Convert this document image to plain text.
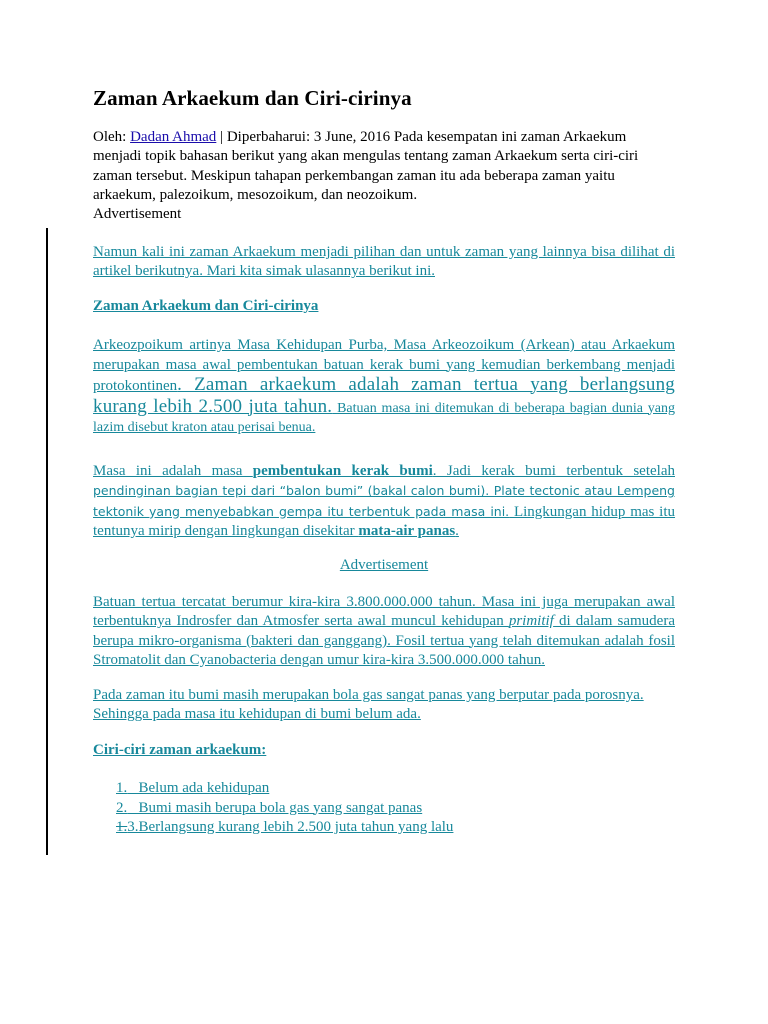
Zaman Arkaekum dan Ciri-cirinya
Oleh: Dadan Ahmad | Diperbaharui: 3 June, 2016 Pada kesempatan ini zaman Arkaekum menjadi topik bahasan berikut yang akan mengulas tentang zaman Arkaekum serta ciri-ciri zaman tersebut. Meskipun tahapan perkembangan zaman itu ada beberapa zaman yaitu arkaekum, palezoikum, mesozoikum, dan neozoikum.
Advertisement

Namun kali ini zaman Arkaekum menjadi pilihan dan untuk zaman yang lainnya bisa dilihat di artikel berikutnya. Mari kita simak ulasannya berikut ini.

Zaman Arkaekum dan Ciri-cirinya

Arkeozpoikum artinya Masa Kehidupan Purba, Masa Arkeozoikum (Arkean) atau Arkaekum merupakan masa awal pembentukan batuan kerak bumi yang kemudian berkembang menjadi protokontinen. Zaman arkaekum adalah zaman tertua yang berlangsung kurang lebih 2.500 juta tahun. Batuan masa ini ditemukan di beberapa bagian dunia yang lazim disebut kraton atau perisai benua.

Masa ini adalah masa pembentukan kerak bumi. Jadi kerak bumi terbentuk setelah pendinginan bagian tepi dari “balon bumi” (bakal calon bumi). Plate tectonic atau Lempeng tektonik yang menyebabkan gempa itu terbentuk pada masa ini. Lingkungan hidup mas itu tentunya mirip dengan lingkungan disekitar mata-air panas.

Advertisement

Batuan tertua tercatat berumur kira-kira 3.800.000.000 tahun. Masa ini juga merupakan awal terbentuknya Indrosfer dan Atmosfer serta awal muncul kehidupan primitif di dalam samudera berupa mikro-organisma (bakteri dan ganggang). Fosil tertua yang telah ditemukan adalah fosil Stromatolit dan Cyanobacteria dengan umur kira-kira 3.500.000.000 tahun.

Pada zaman itu bumi masih merupakan bola gas sangat panas yang berputar pada porosnya. Sehingga pada masa itu kehidupan di bumi belum ada.

Ciri-ciri zaman arkaekum:

1. Belum ada kehidupan
2. Bumi masih berupa bola gas yang sangat panas
1.3.Berlangsung kurang lebih 2.500 juta tahun yang lalu
